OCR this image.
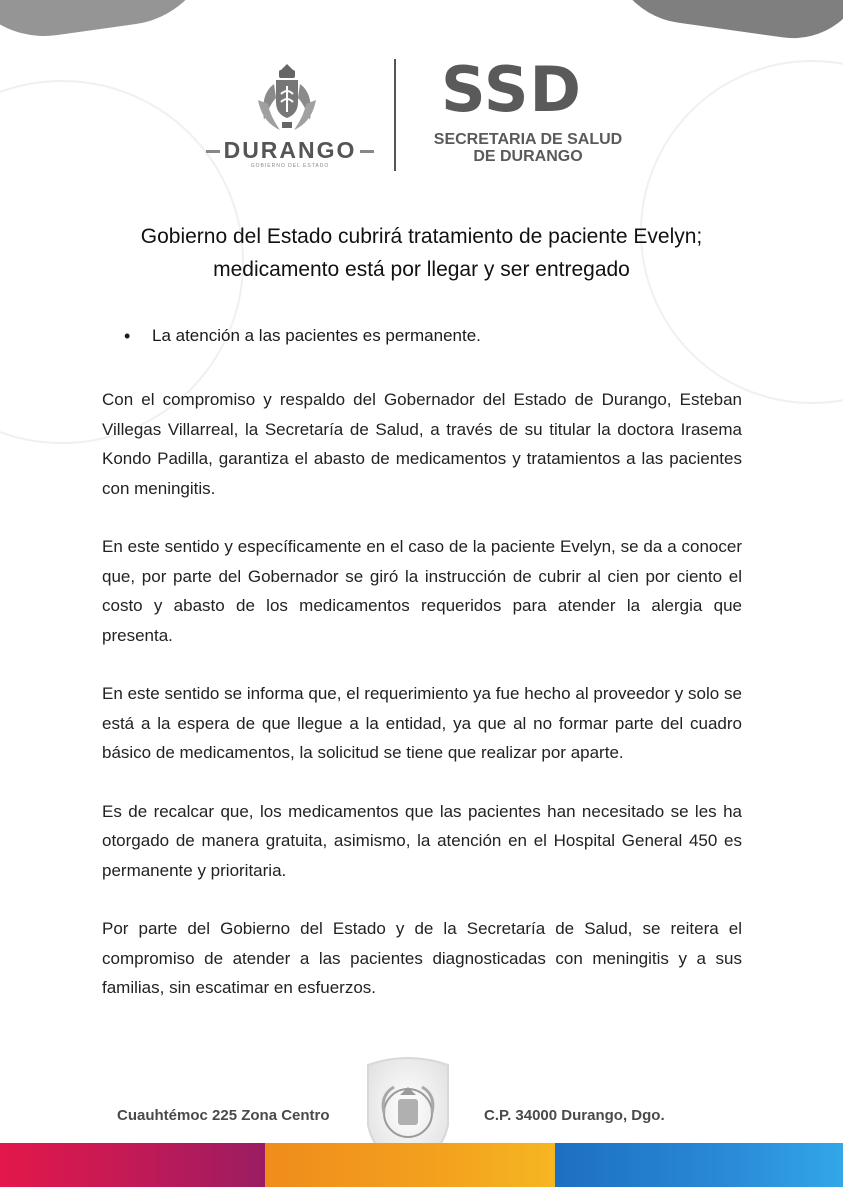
DURANGO
GOBIERNO DEL ESTADO
SSD
SECRETARIA DE SALUD
DE DURANGO
Gobierno del Estado cubrirá tratamiento de paciente Evelyn;
medicamento está por llegar y ser entregado
• La atención a las pacientes es permanente.

Con el compromiso y respaldo del Gobernador del Estado de Durango, Esteban Villegas Villarreal, la Secretaría de Salud, a través de su titular la doctora Irasema Kondo Padilla, garantiza el abasto de medicamentos y tratamientos a las pacientes con meningitis.

En este sentido y específicamente en el caso de la paciente Evelyn, se da a conocer que, por parte del Gobernador se giró la instrucción de cubrir al cien por ciento el costo y abasto de los medicamentos requeridos para atender la alergia que presenta.

En este sentido se informa que, el requerimiento ya fue hecho al proveedor y solo se está a la espera de que llegue a la entidad, ya que al no formar parte del cuadro básico de medicamentos, la solicitud se tiene que realizar por aparte.

Es de recalcar que, los medicamentos que las pacientes han necesitado se les ha otorgado de manera gratuita, asimismo, la atención en el Hospital General 450 es permanente y prioritaria.

Por parte del Gobierno del Estado y de la Secretaría de Salud, se reitera el compromiso de atender a las pacientes diagnosticadas con meningitis y a sus familias, sin escatimar en esfuerzos.

Cuauhtémoc 225 Zona Centro	C.P. 34000 Durango, Dgo.
